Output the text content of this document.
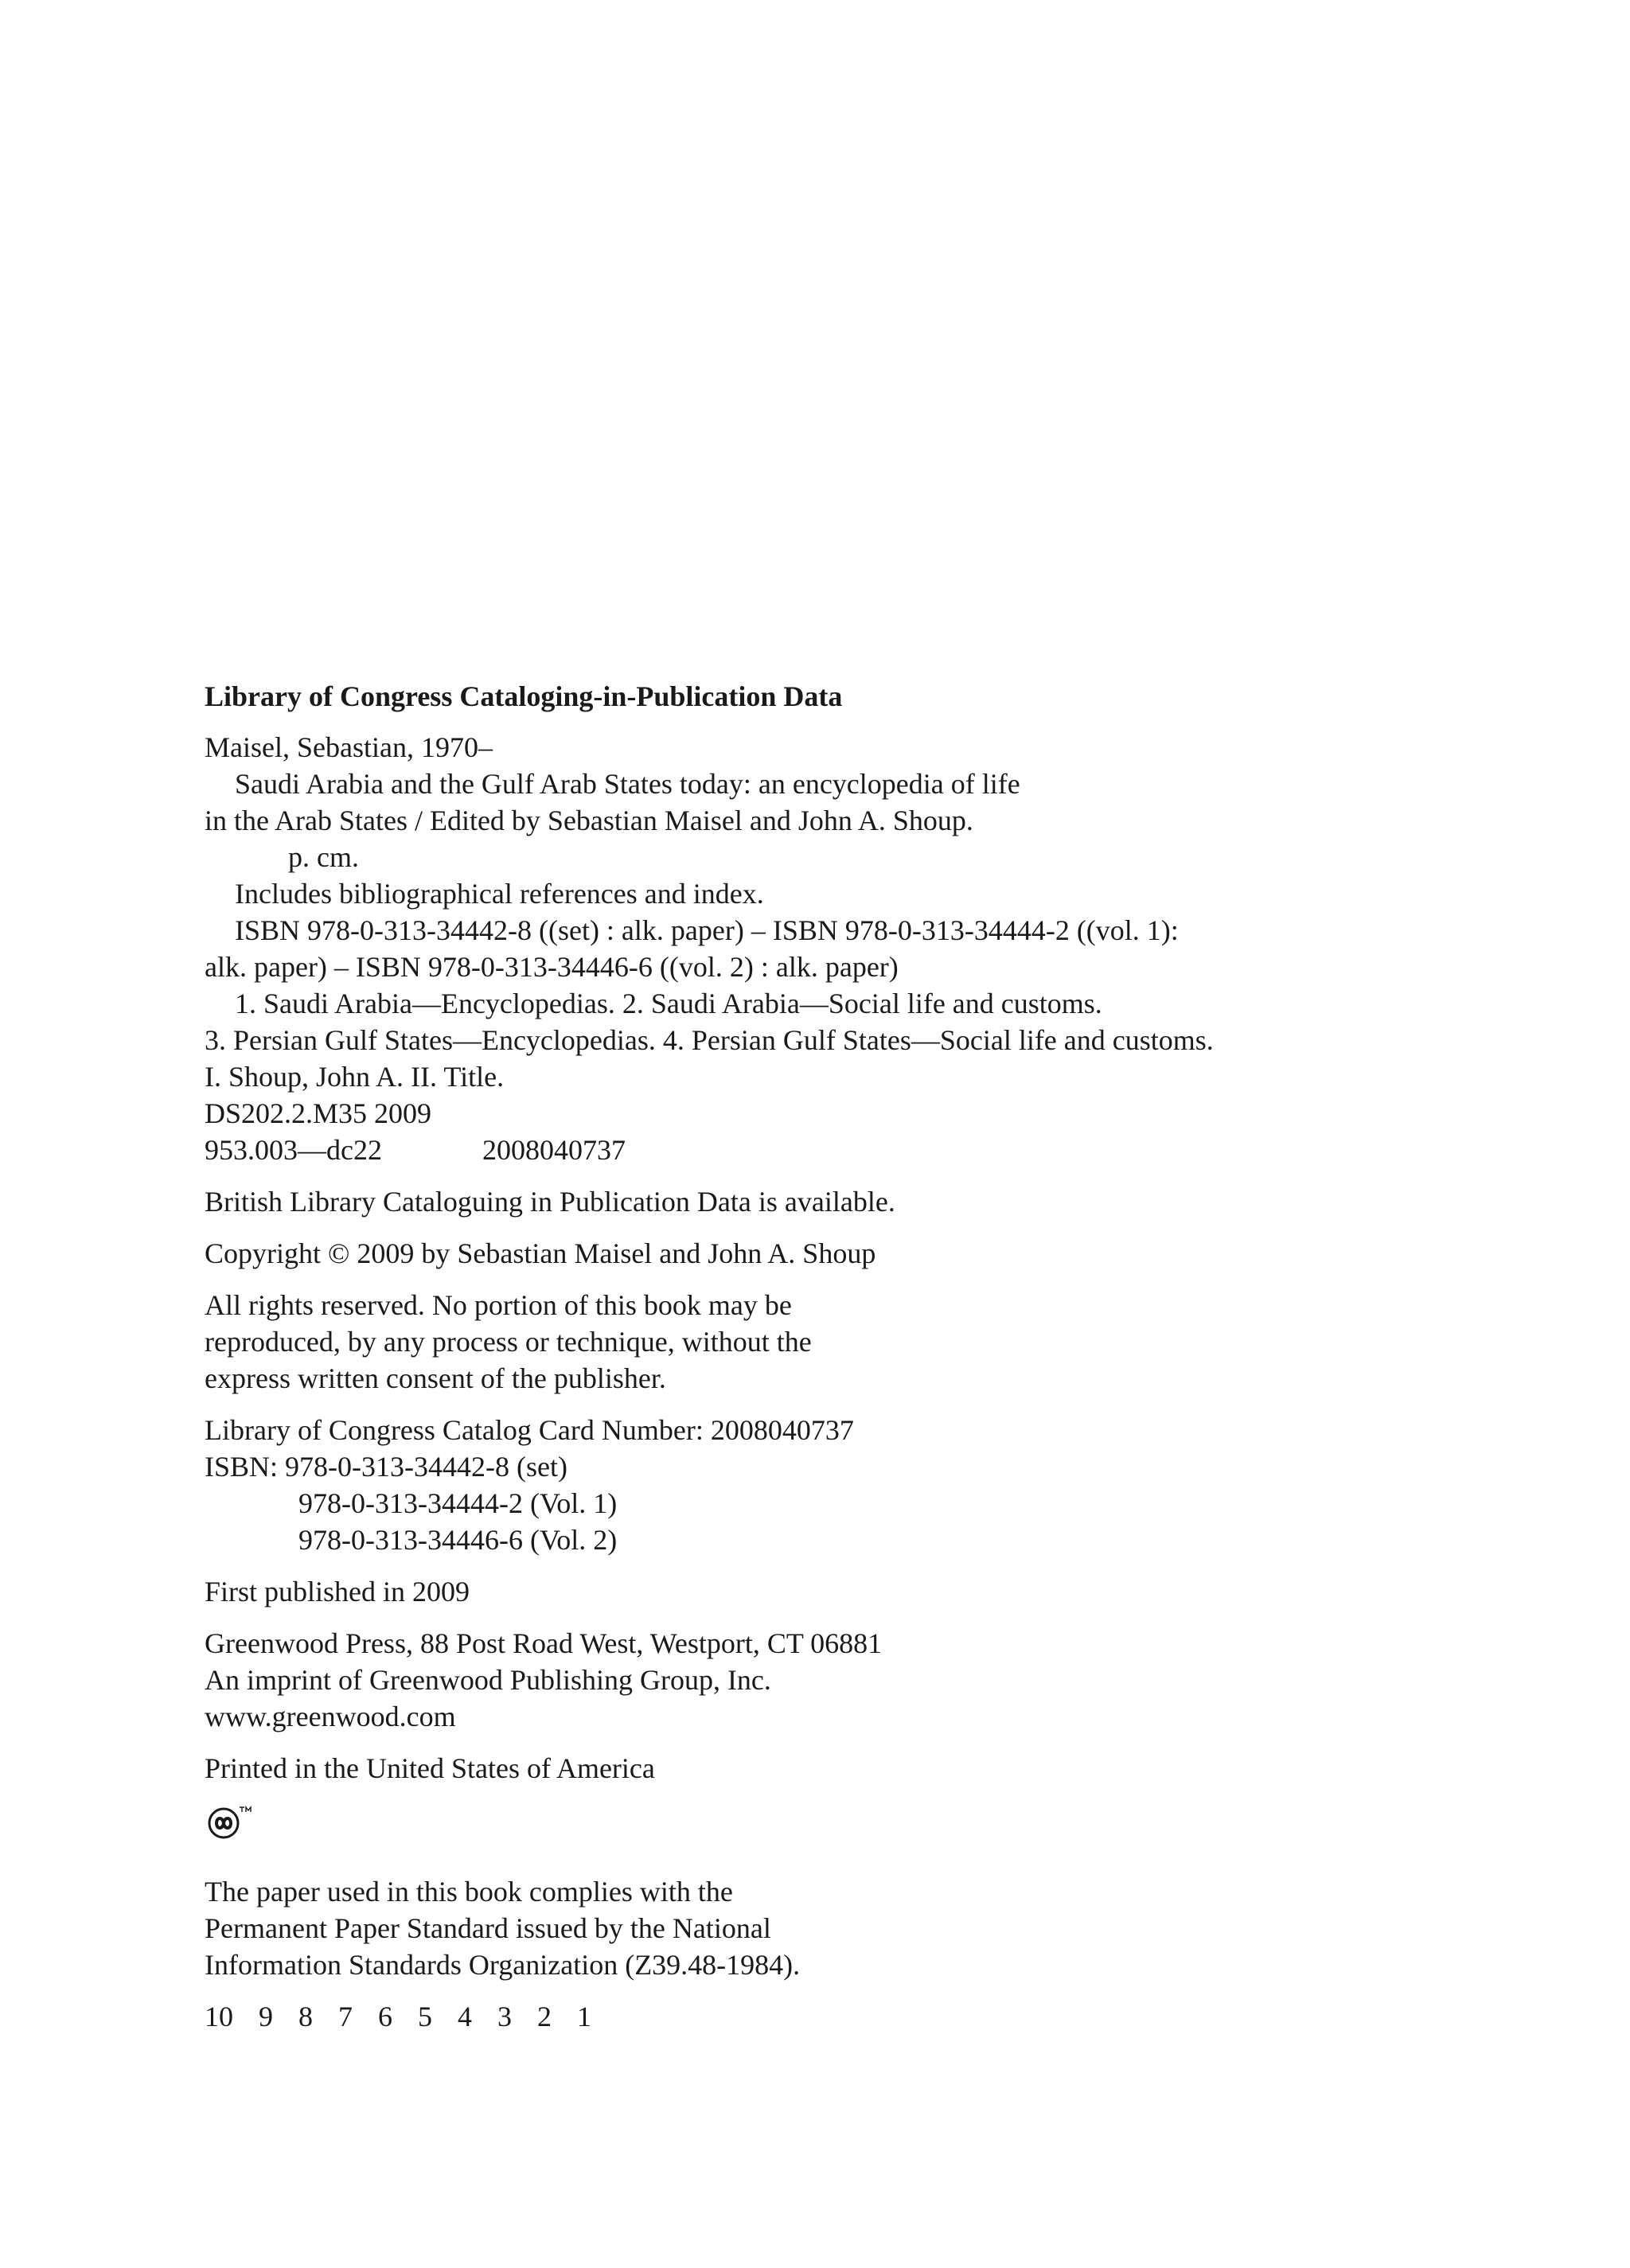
Library of Congress Cataloging-in-Publication Data
Maisel, Sebastian, 1970–
Saudi Arabia and the Gulf Arab States today: an encyclopedia of life
in the Arab States / Edited by Sebastian Maisel and John A. Shoup.
p. cm.
Includes bibliographical references and index.
ISBN 978-0-313-34442-8 ((set) : alk. paper) – ISBN 978-0-313-34444-2 ((vol. 1):
alk. paper) – ISBN 978-0-313-34446-6 ((vol. 2) : alk. paper)
1. Saudi Arabia—Encyclopedias. 2. Saudi Arabia—Social life and customs.
3. Persian Gulf States—Encyclopedias. 4. Persian Gulf States—Social life and customs.
I. Shoup, John A. II. Title.
DS202.2.M35 2009
953.003—dc22	2008040737
British Library Cataloguing in Publication Data is available.
Copyright © 2009 by Sebastian Maisel and John A. Shoup
All rights reserved. No portion of this book may be
reproduced, by any process or technique, without the
express written consent of the publisher.
Library of Congress Catalog Card Number: 2008040737
ISBN: 978-0-313-34442-8 (set)
978-0-313-34444-2 (Vol. 1)
978-0-313-34446-6 (Vol. 2)
First published in 2009
Greenwood Press, 88 Post Road West, Westport, CT 06881
An imprint of Greenwood Publishing Group, Inc.
www.greenwood.com
Printed in the United States of America
The paper used in this book complies with the
Permanent Paper Standard issued by the National
Information Standards Organization (Z39.48-1984).
10 9 8 7 6 5 4 3 2 1
